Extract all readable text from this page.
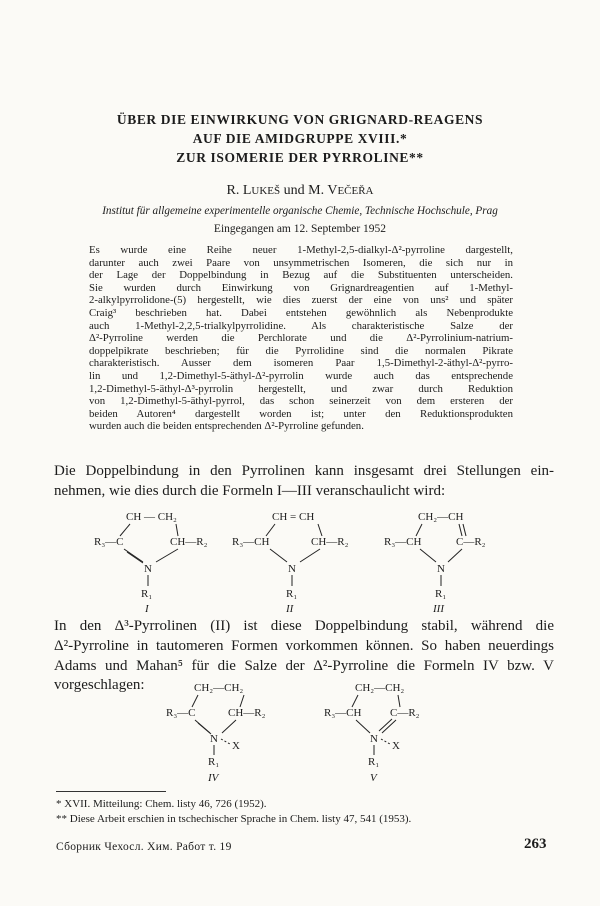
ÜBER DIE EINWIRKUNG VON GRIGNARD-REAGENS
AUF DIE AMIDGRUPPE XVIII.*
ZUR ISOMERIE DER PYRROLINE**
R. LUKEŠ und M. VEČEŘA
Institut für allgemeine experimentelle organische Chemie, Technische Hochschule, Prag
Eingegangen am 12. September 1952
Es wurde eine Reihe neuer 1-Methyl-2,5-dialkyl-Δ²-pyrroline dargestellt,
darunter auch zwei Paare von unsymmetrischen Isomeren, die sich nur in
der Lage der Doppelbindung in Bezug auf die Substituenten unterscheiden.
Sie wurden durch Einwirkung von Grignardreagentien auf 1-Methyl-
2-alkylpyrrolidone-(5) hergestellt, wie dies zuerst der eine von uns² und später
Craig³ beschrieben hat. Dabei entstehen gewöhnlich als Nebenprodukte
auch 1-Methyl-2,2,5-trialkylpyrrolidine. Als charakteristische Salze der
Δ²-Pyrroline werden die Perchlorate und die Δ²-Pyrrolinium-natrium-
doppelpikrate beschrieben; für die Pyrrolidine sind die normalen Pikrate
charakteristisch. Ausser dem isomeren Paar 1,5-Dimethyl-2-äthyl-Δ²-pyrro-
lin und 1,2-Dimethyl-5-äthyl-Δ²-pyrrolin wurde auch das entsprechende
1,2-Dimethyl-5-äthyl-Δ³-pyrrolin hergestellt, und zwar durch Reduktion
von 1,2-Dimethyl-5-äthyl-pyrrol, das schon seinerzeit von dem ersteren der
beiden Autoren⁴ dargestellt worden ist; unter den Reduktionsprodukten
wurden auch die beiden entsprechenden Δ²-Pyrroline gefunden.
Die Doppelbindung in den Pyrrolinen kann insgesamt drei Stellungen ein-
nehmen, wie dies durch die Formeln I—III veranschaulicht wird:
CH — CH₂
R₃—C	CH—R₂
N
R₁
I
CH = CH
R₃—CH	CH—R₂
N
R₁
II
CH₂—CH
R₃—CH	C—R₂
N
R₁
III
In den Δ³-Pyrrolinen (II) ist diese Doppelbindung stabil, während die
Δ²-Pyrroline in tautomeren Formen vorkommen können. So haben neuerdings
Adams und Mahan⁵ für die Salze der Δ²-Pyrroline die Formeln IV bzw. V
vorgeschlagen:	CH₂—CH₂
R₃—C	CH—R₂
N
X
R₁
IV
CH₂—CH₂
R₃—CH	C—R₂
N
X
R₁
V
* XVII. Mitteilung: Chem. listy 46, 726 (1952).
** Diese Arbeit erschien in tschechischer Sprache in Chem. listy 47, 541 (1953).
Сборник Чехосл. Хим. Работ т. 19	263
